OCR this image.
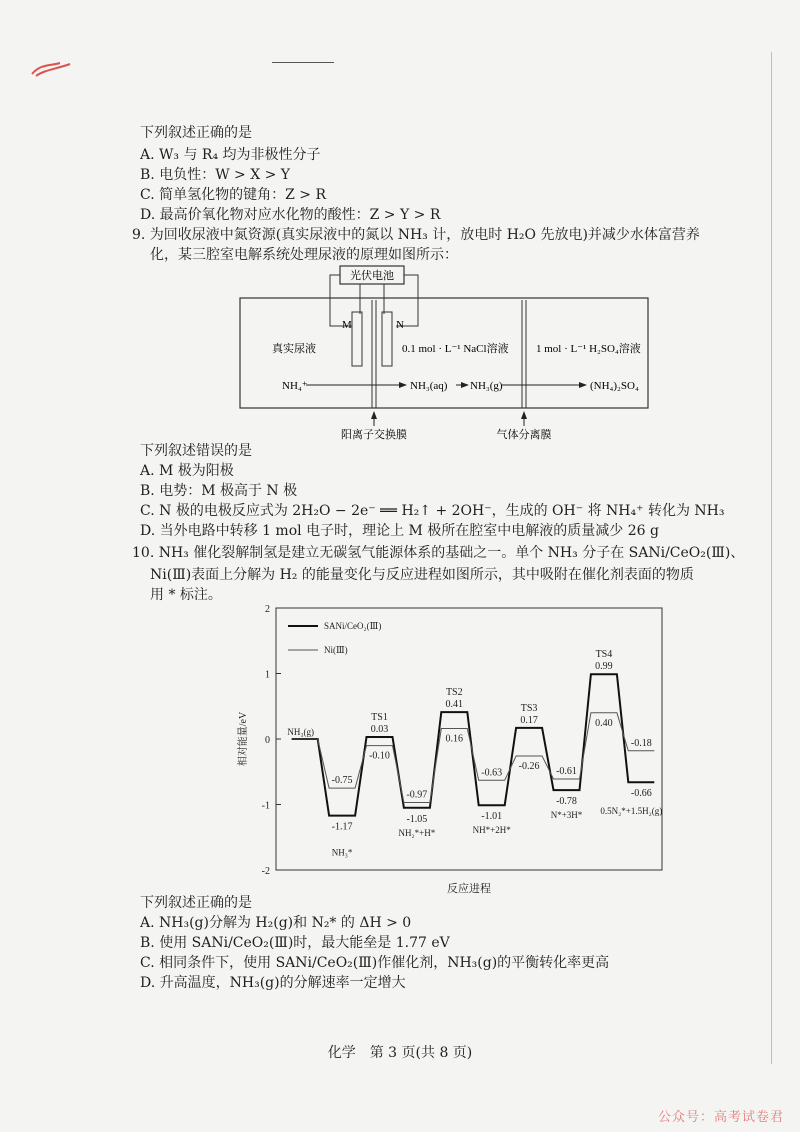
下列叙述正确的是
A. W₃ 与 R₄ 均为非极性分子
B. 电负性：W > X > Y
C. 简单氢化物的键角：Z > R
D. 最高价氧化物对应水化物的酸性：Z > Y > R
9. 为回收尿液中氮资源(真实尿液中的氮以 NH₃ 计，放电时 H₂O 先放电)并减少水体富营养
化，某三腔室电解系统处理尿液的原理如图所示：
光伏电池
M	N
真实尿液	0.1 mol · L⁻¹ NaCl溶液 1 mol · L⁻¹ H₂SO₄溶液
NH₄⁺	NH₃(aq) NH₃(g)	(NH₄)₂SO₄
阳离子交换膜	气体分离膜
下列叙述错误的是
A. M 极为阳极
B. 电势：M 极高于 N 极
C. N 极的电极反应式为 2H₂O − 2e⁻ ══ H₂↑ + 2OH⁻，生成的 OH⁻ 将 NH₄⁺ 转化为 NH₃
D. 当外电路中转移 1 mol 电子时，理论上 M 极所在腔室中电解液的质量减少 26 g
10. NH₃ 催化裂解制氢是建立无碳氢气能源体系的基础之一。单个 NH₃ 分子在 SANi/CeO₂(Ⅲ)、
Ni(Ⅲ)表面上分解为 H₂ 的能量变化与反应进程如图所示，其中吸附在催化剂表面的物质
用 * 标注。
2
1
0
-1
-2
相对能量/eV
反应进程
SANi/CeO₂(Ⅲ)
Ni(Ⅲ)
TS1
TS2
TS3
TS4
-1.17
-0.75
0.03
-0.10
-1.05
-0.97
0.41
0.16
-1.01
-0.63
0.17
-0.26
-0.78
-0.61
0.99
0.40
-0.66
-0.18
NH₃(g)
NH₃*
NH₂*+H*	NH*+2H*
N*+3H* 0.5N₂*+1.5H₂(g)
下列叙述正确的是
A. NH₃(g)分解为 H₂(g)和 N₂* 的 ΔH > 0
B. 使用 SANi/CeO₂(Ⅲ)时，最大能垒是 1.77 eV
C. 相同条件下，使用 SANi/CeO₂(Ⅲ)作催化剂，NH₃(g)的平衡转化率更高
D. 升高温度，NH₃(g)的分解速率一定增大
化学　第 3 页(共 8 页)
公众号：高考试卷君
